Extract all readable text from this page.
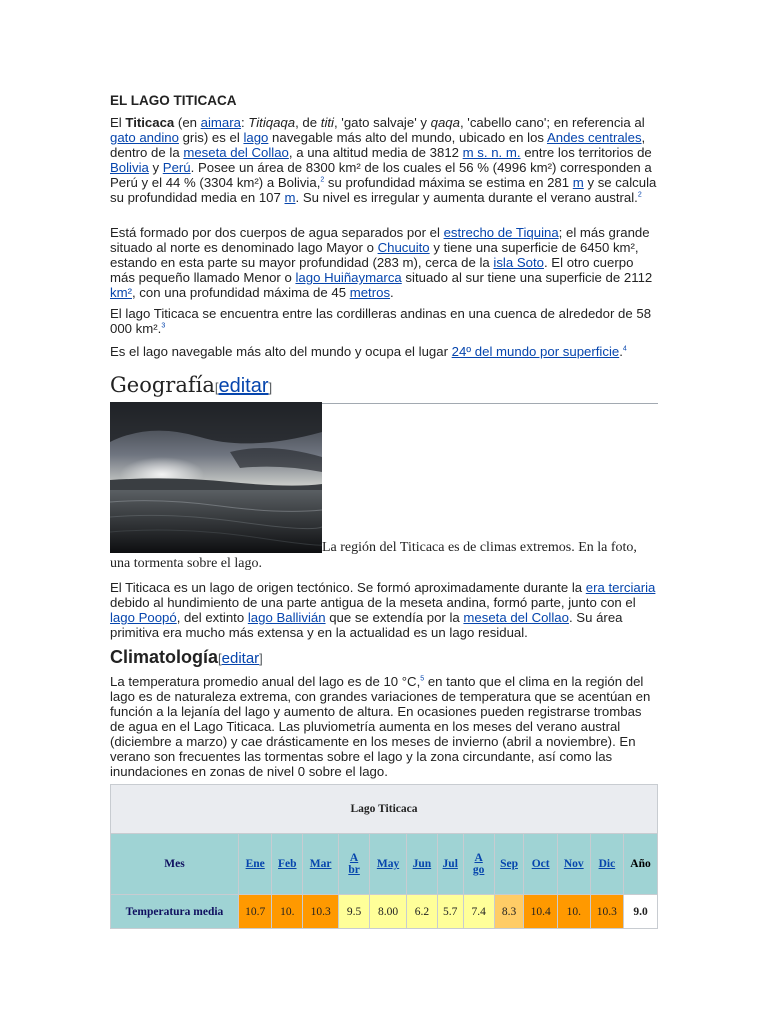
EL LAGO TITICACA

El Titicaca (en aimara: Titiqaqa, de titi, 'gato salvaje' y qaqa, 'cabello cano'; en referencia al gato andino gris) es el lago navegable más alto del mundo, ubicado en los Andes centrales, dentro de la meseta del Collao, a una altitud media de 3812 m s. n. m. entre los territorios de Bolivia y Perú. Posee un área de 8300 km² de los cuales el 56 % (4996 km²) corresponden a Perú y el 44 % (3304 km²) a Bolivia,$^2$ su profundidad máxima se estima en 281 m y se calcula su profundidad media en 107 m. Su nivel es irregular y aumenta durante el verano austral.$^2$

Está formado por dos cuerpos de agua separados por el estrecho de Tiquina; el más grande situado al norte es denominado lago Mayor o Chucuito y tiene una superficie de 6450 km², estando en esta parte su mayor profundidad (283 m), cerca de la isla Soto. El otro cuerpo más pequeño llamado Menor o lago Huiñaymarca situado al sur tiene una superficie de 2112 km², con una profundidad máxima de 45 metros.

El lago Titicaca se encuentra entre las cordilleras andinas en una cuenca de alrededor de 58 000 km².$^3$

Es el lago navegable más alto del mundo y ocupa el lugar 24º del mundo por superficie.$^4$

Geografía[editar]

La región del Titicaca es de climas extremos. En la foto, una tormenta sobre el lago.

El Titicaca es un lago de origen tectónico. Se formó aproximadamente durante la era terciaria debido al hundimiento de una parte antigua de la meseta andina, formó parte, junto con el lago Poopó, del extinto lago Ballivián que se extendía por la meseta del Collao. Su área primitiva era mucho más extensa y en la actualidad es un lago residual.

Climatología[editar]

La temperatura promedio anual del lago es de 10 °C,$^5$ en tanto que el clima en la región del lago es de naturaleza extrema, con grandes variaciones de temperatura que se acentúan en función a la lejanía del lago y aumento de altura. En ocasiones pueden registrarse trombas de agua en el Lago Titicaca. Las pluviometría aumenta en los meses del verano austral (diciembre a marzo) y cae drásticamente en los meses de invierno (abril a noviembre). En verano son frecuentes las tormentas sobre el lago y la zona circundante, así como las inundaciones en zonas de nivel 0 sobre el lago.

Lago Titicaca													
Mes	Ene	Feb	Mar	Abr	May	Jun	Jul	Ago	Sep	Oct	Nov	Dic	Año
Temperatura media	10.7	10.	10.3	9.5	8.00	6.2	5.7	7.4	8.3	10.4	10.	10.3	9.0
